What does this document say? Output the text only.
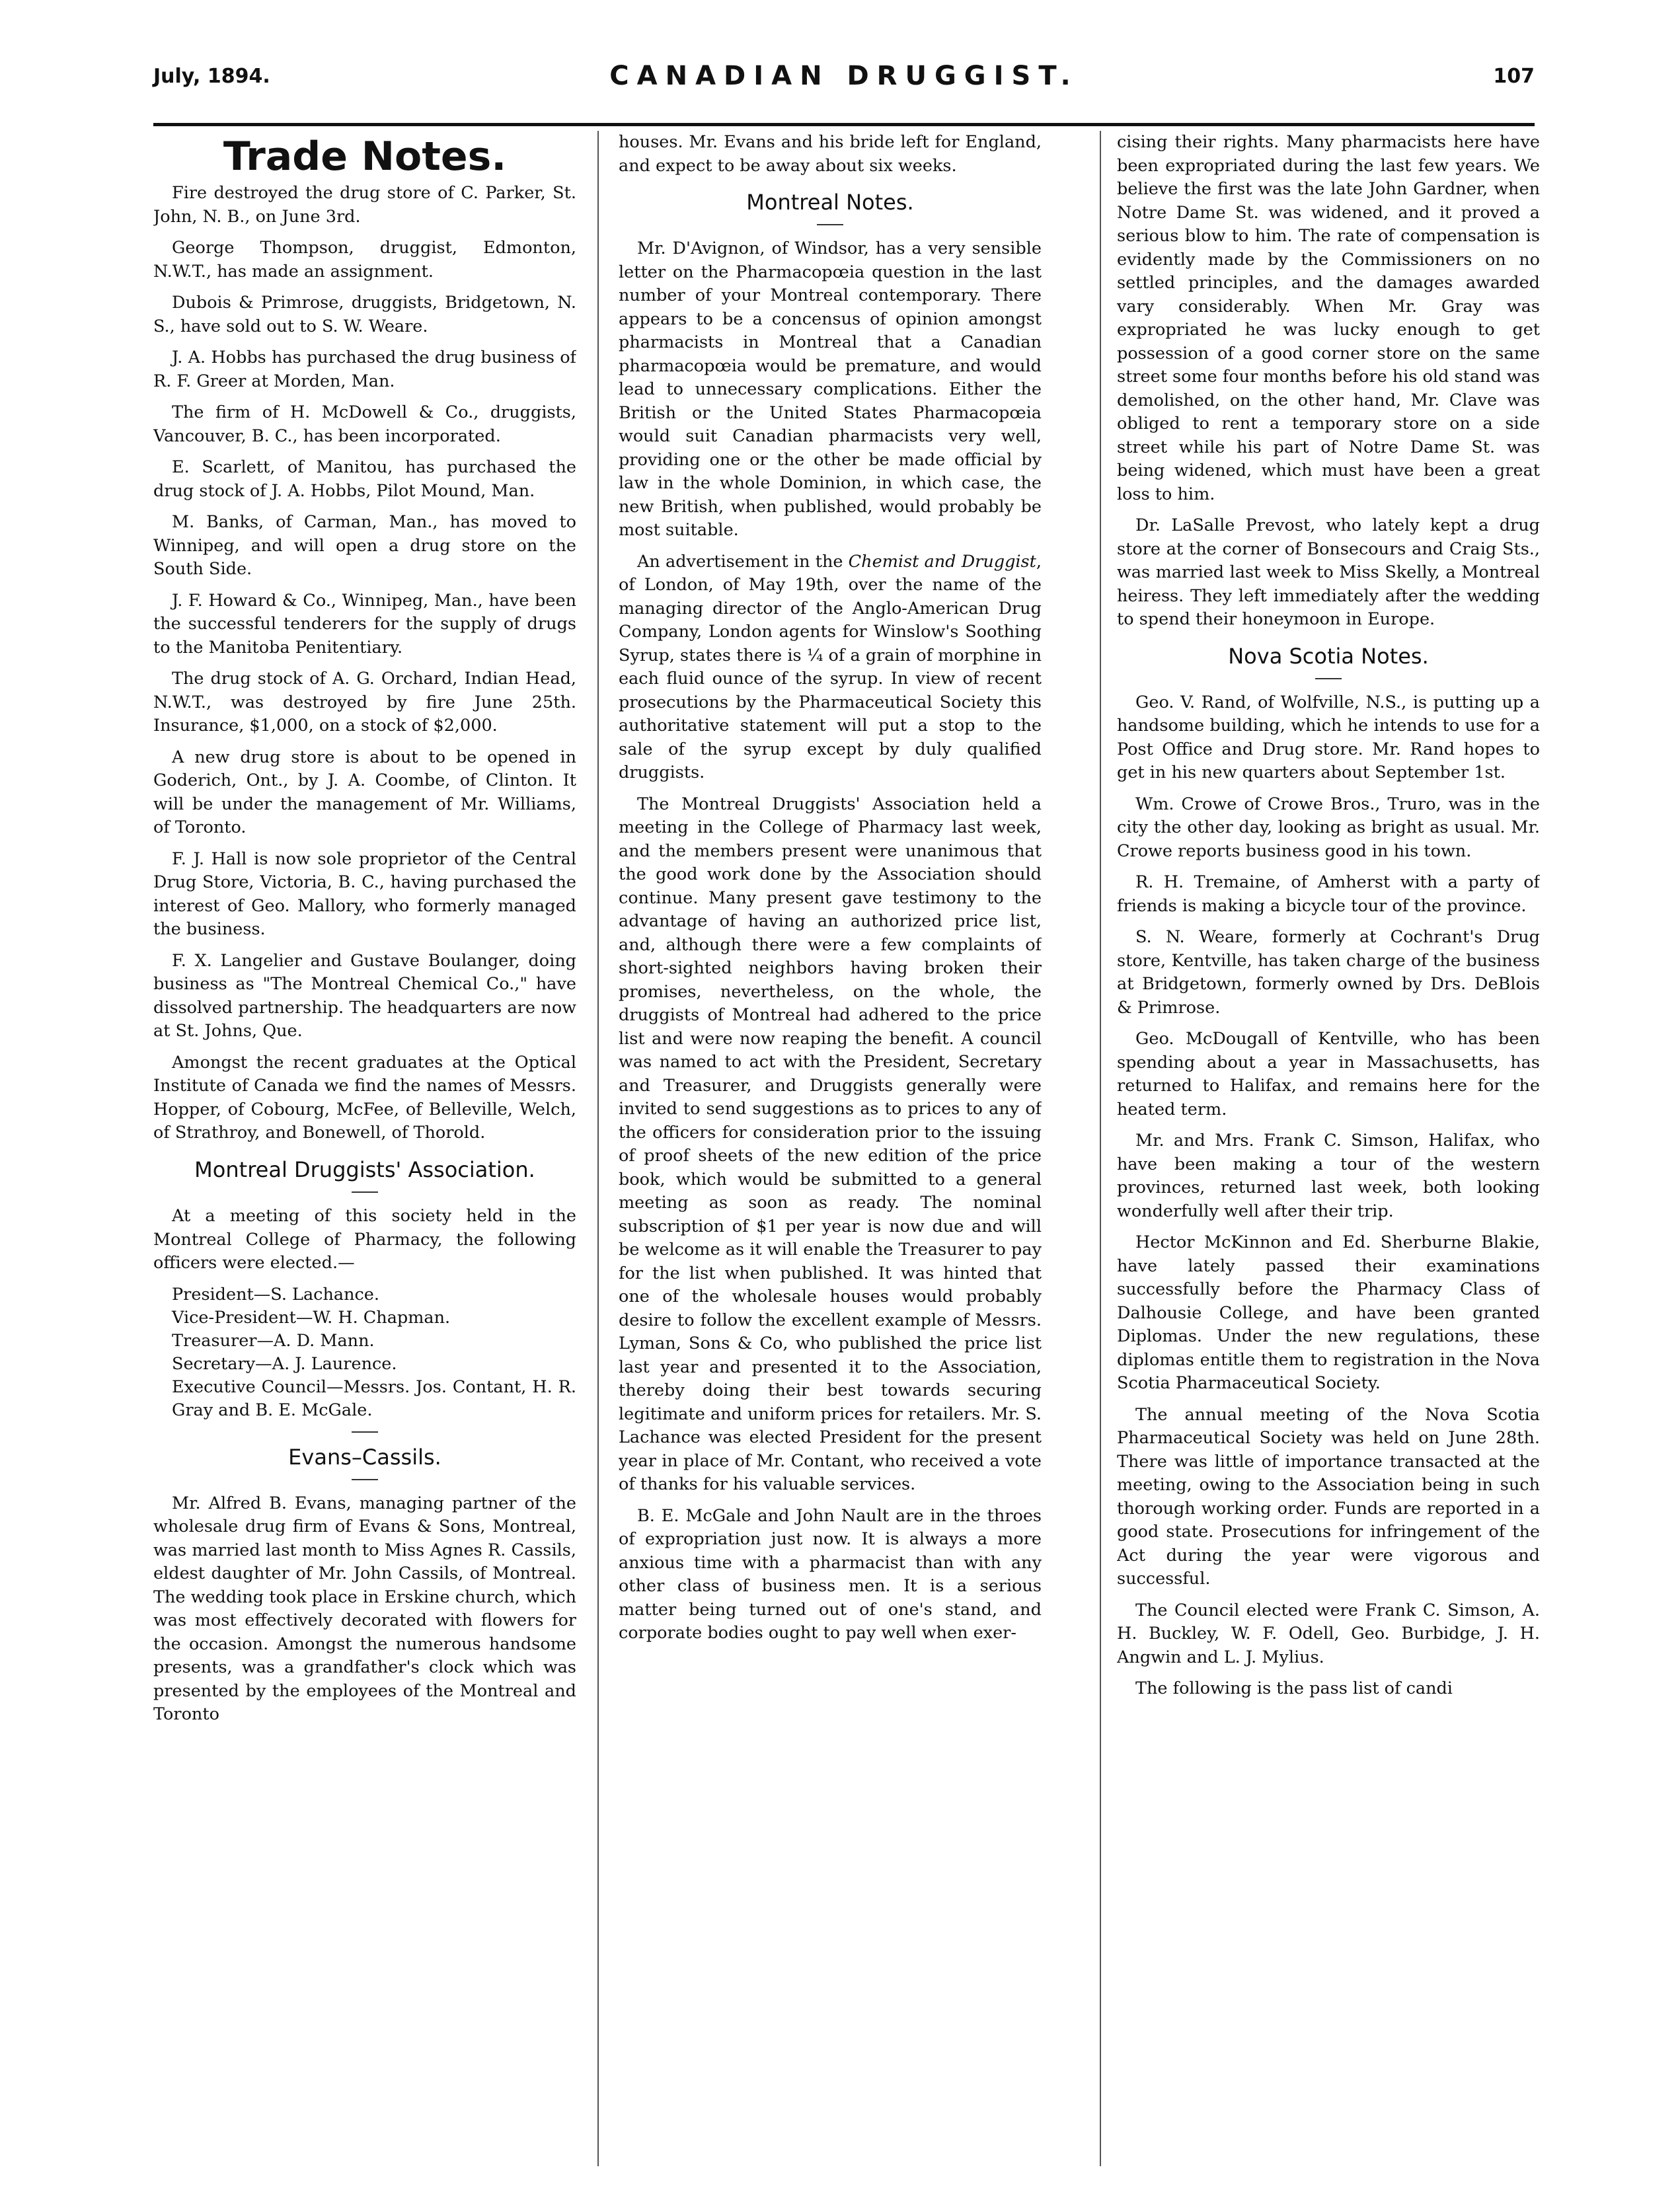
July, 1894.	CANADIAN DRUGGIST.	107
Trade Notes.

Fire destroyed the drug store of C. Parker, St. John, N. B., on June 3rd.

George Thompson, druggist, Edmonton, N.W.T., has made an assignment.

Dubois & Primrose, druggists, Bridgetown, N. S., have sold out to S. W. Weare.

J. A. Hobbs has purchased the drug business of R. F. Greer at Morden, Man.

The firm of H. McDowell & Co., druggists, Vancouver, B. C., has been incorporated.

E. Scarlett, of Manitou, has purchased the drug stock of J. A. Hobbs, Pilot Mound, Man.

M. Banks, of Carman, Man., has moved to Winnipeg, and will open a drug store on the South Side.

J. F. Howard & Co., Winnipeg, Man., have been the successful tenderers for the supply of drugs to the Manitoba Penitentiary.

The drug stock of A. G. Orchard, Indian Head, N.W.T., was destroyed by fire June 25th. Insurance, $1,000, on a stock of $2,000.

A new drug store is about to be opened in Goderich, Ont., by J. A. Coombe, of Clinton. It will be under the management of Mr. Williams, of Toronto.

F. J. Hall is now sole proprietor of the Central Drug Store, Victoria, B. C., having purchased the interest of Geo. Mallory, who formerly managed the business.

F. X. Langelier and Gustave Boulanger, doing business as "The Montreal Chemical Co.," have dissolved partnership. The headquarters are now at St. Johns, Que.

Amongst the recent graduates at the Optical Institute of Canada we find the names of Messrs. Hopper, of Cobourg, McFee, of Belleville, Welch, of Strathroy, and Bonewell, of Thorold.

Montreal Druggists' Association.

At a meeting of this society held in the Montreal College of Pharmacy, the following officers were elected.—

President—S. Lachance.
Vice-President—W. H. Chapman.
Treasurer—A. D. Mann.
Secretary—A. J. Laurence.
Executive Council—Messrs. Jos. Contant, H. R. Gray and B. E. McGale.
Evans–Cassils.

Mr. Alfred B. Evans, managing partner of the wholesale drug firm of Evans & Sons, Montreal, was married last month to Miss Agnes R. Cassils, eldest daughter of Mr. John Cassils, of Montreal. The wedding took place in Erskine church, which was most effectively decorated with flowers for the occasion. Amongst the numerous handsome presents, was a grandfather's clock which was presented by the employees of the Montreal and Toronto

houses. Mr. Evans and his bride left for England, and expect to be away about six weeks.

Montreal Notes.

Mr. D'Avignon, of Windsor, has a very sensible letter on the Pharmacopœia question in the last number of your Montreal contemporary. There appears to be a concensus of opinion amongst pharmacists in Montreal that a Canadian pharmacopœia would be premature, and would lead to unnecessary complications. Either the British or the United States Pharmacopœia would suit Canadian pharmacists very well, providing one or the other be made official by law in the whole Dominion, in which case, the new British, when published, would probably be most suitable.

An advertisement in the Chemist and Druggist, of London, of May 19th, over the name of the managing director of the Anglo-American Drug Company, London agents for Winslow's Soothing Syrup, states there is ¼ of a grain of morphine in each fluid ounce of the syrup. In view of recent prosecutions by the Pharmaceutical Society this authoritative statement will put a stop to the sale of the syrup except by duly qualified druggists.

The Montreal Druggists' Association held a meeting in the College of Pharmacy last week, and the members present were unanimous that the good work done by the Association should continue. Many present gave testimony to the advantage of having an authorized price list, and, although there were a few complaints of short-sighted neighbors having broken their promises, nevertheless, on the whole, the druggists of Montreal had adhered to the price list and were now reaping the benefit. A council was named to act with the President, Secretary and Treasurer, and Druggists generally were invited to send suggestions as to prices to any of the officers for consideration prior to the issuing of proof sheets of the new edition of the price book, which would be submitted to a general meeting as soon as ready. The nominal subscription of $1 per year is now due and will be welcome as it will enable the Treasurer to pay for the list when published. It was hinted that one of the wholesale houses would probably desire to follow the excellent example of Messrs. Lyman, Sons & Co, who published the price list last year and presented it to the Association, thereby doing their best towards securing legitimate and uniform prices for retailers. Mr. S. Lachance was elected President for the present year in place of Mr. Contant, who received a vote of thanks for his valuable services.

B. E. McGale and John Nault are in the throes of expropriation just now. It is always a more anxious time with a pharmacist than with any other class of business men. It is a serious matter being turned out of one's stand, and corporate bodies ought to pay well when exer-

cising their rights. Many pharmacists here have been expropriated during the last few years. We believe the first was the late John Gardner, when Notre Dame St. was widened, and it proved a serious blow to him. The rate of compensation is evidently made by the Commissioners on no settled principles, and the damages awarded vary considerably. When Mr. Gray was expropriated he was lucky enough to get possession of a good corner store on the same street some four months before his old stand was demolished, on the other hand, Mr. Clave was obliged to rent a temporary store on a side street while his part of Notre Dame St. was being widened, which must have been a great loss to him.

Dr. LaSalle Prevost, who lately kept a drug store at the corner of Bonsecours and Craig Sts., was married last week to Miss Skelly, a Montreal heiress. They left immediately after the wedding to spend their honeymoon in Europe.

Nova Scotia Notes.

Geo. V. Rand, of Wolfville, N.S., is putting up a handsome building, which he intends to use for a Post Office and Drug store. Mr. Rand hopes to get in his new quarters about September 1st.

Wm. Crowe of Crowe Bros., Truro, was in the city the other day, looking as bright as usual. Mr. Crowe reports business good in his town.

R. H. Tremaine, of Amherst with a party of friends is making a bicycle tour of the province.

S. N. Weare, formerly at Cochrant's Drug store, Kentville, has taken charge of the business at Bridgetown, formerly owned by Drs. DeBlois & Primrose.

Geo. McDougall of Kentville, who has been spending about a year in Massachusetts, has returned to Halifax, and remains here for the heated term.

Mr. and Mrs. Frank C. Simson, Halifax, who have been making a tour of the western provinces, returned last week, both looking wonderfully well after their trip.

Hector McKinnon and Ed. Sherburne Blakie, have lately passed their examinations successfully before the Pharmacy Class of Dalhousie College, and have been granted Diplomas. Under the new regulations, these diplomas entitle them to registration in the Nova Scotia Pharmaceutical Society.

The annual meeting of the Nova Scotia Pharmaceutical Society was held on June 28th. There was little of importance transacted at the meeting, owing to the Association being in such thorough working order. Funds are reported in a good state. Prosecutions for infringement of the Act during the year were vigorous and successful.

The Council elected were Frank C. Simson, A. H. Buckley, W. F. Odell, Geo. Burbidge, J. H. Angwin and L. J. Mylius.

The following is the pass list of candi
